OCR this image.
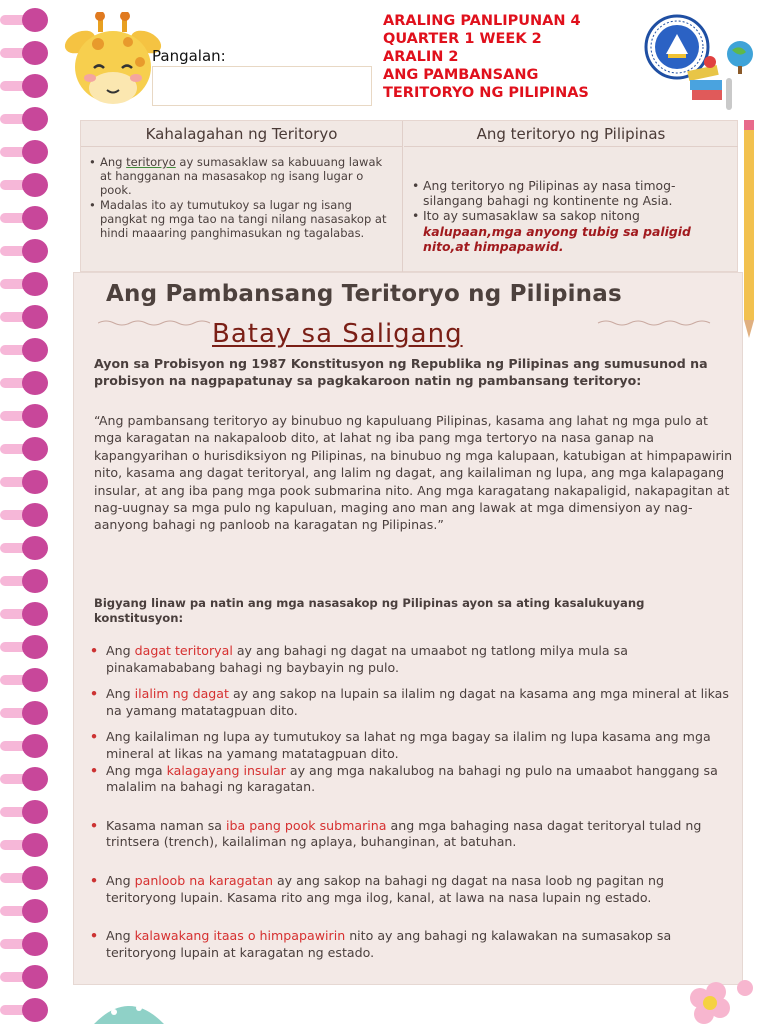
Pangalan:
ARALING PANLIPUNAN 4
QUARTER 1 WEEK 2
ARALIN 2
ANG PAMBANSANG
TERITORYO NG PILIPINAS
Kahalagahan ng Teritoryo
• Ang teritoryo ay sumasaklaw sa kabuuang lawak at hangganan na masasakop ng isang lugar o pook.
• Madalas ito ay tumutukoy sa lugar ng isang pangkat ng mga tao na tangi nilang nasasakop at hindi maaaring panghimasukan ng tagalabas.
Ang teritoryo ng Pilipinas
• Ang teritoryo ng Pilipinas ay nasa timog-silangang bahagi ng kontinente ng Asia.
• Ito ay sumasaklaw sa sakop nitong kalupaan,mga anyong tubig sa paligid nito,at himpapawid.
Ang Pambansang Teritoryo ng Pilipinas
Batay sa Saligang
Ayon sa Probisyon ng 1987 Konstitusyon ng Republika ng Pilipinas ang sumusunod na probisyon na nagpapatunay sa pagkakaroon natin ng pambansang teritoryo:
“Ang pambansang teritoryo ay binubuo ng kapuluang Pilipinas, kasama ang lahat ng mga pulo at mga karagatan na nakapaloob dito, at lahat ng iba pang mga tertoryo na nasa ganap na kapangyarihan o hurisdiksiyon ng Pilipinas, na binubuo ng mga kalupaan, katubigan at himpapawirin nito, kasama ang dagat teritoryal, ang lalim ng dagat, ang kailaliman ng lupa, ang mga kalapagang insular, at ang iba pang mga pook submarina nito. Ang mga karagatang nakapaligid, nakapagitan at nag-uugnay sa mga pulo ng kapuluan, maging ano man ang lawak at mga dimensiyon ay nag-aanyong bahagi ng panloob na karagatan ng Pilipinas.”
Bigyang linaw pa natin ang mga nasasakop ng Pilipinas ayon sa ating kasalukuyang konstitusyon:
• Ang dagat teritoryal ay ang bahagi ng dagat na umaabot ng tatlong milya mula sa pinakamababang bahagi ng baybayin ng pulo.
• Ang ilalim ng dagat ay ang sakop na lupain sa ilalim ng dagat na kasama ang mga mineral at likas na yamang matatagpuan dito.
• Ang kailaliman ng lupa ay tumutukoy sa lahat ng mga bagay sa ilalim ng lupa kasama ang mga mineral at likas na yamang matatagpuan dito.
• Ang mga kalagayang insular ay ang mga nakalubog na bahagi ng pulo na umaabot hanggang sa malalim na bahagi ng karagatan.
• Kasama naman sa iba pang pook submarina ang mga bahaging nasa dagat teritoryal tulad ng trintsera (trench), kailaliman ng aplaya, buhanginan, at batuhan.
• Ang panloob na karagatan ay ang sakop na bahagi ng dagat na nasa loob ng pagitan ng teritoryong lupain. Kasama rito ang mga ilog, kanal, at lawa na nasa lupain ng estado.
• Ang kalawakang itaas o himpapawirin nito ay ang bahagi ng kalawakan na sumasakop sa teritoryong lupain at karagatan ng estado.
